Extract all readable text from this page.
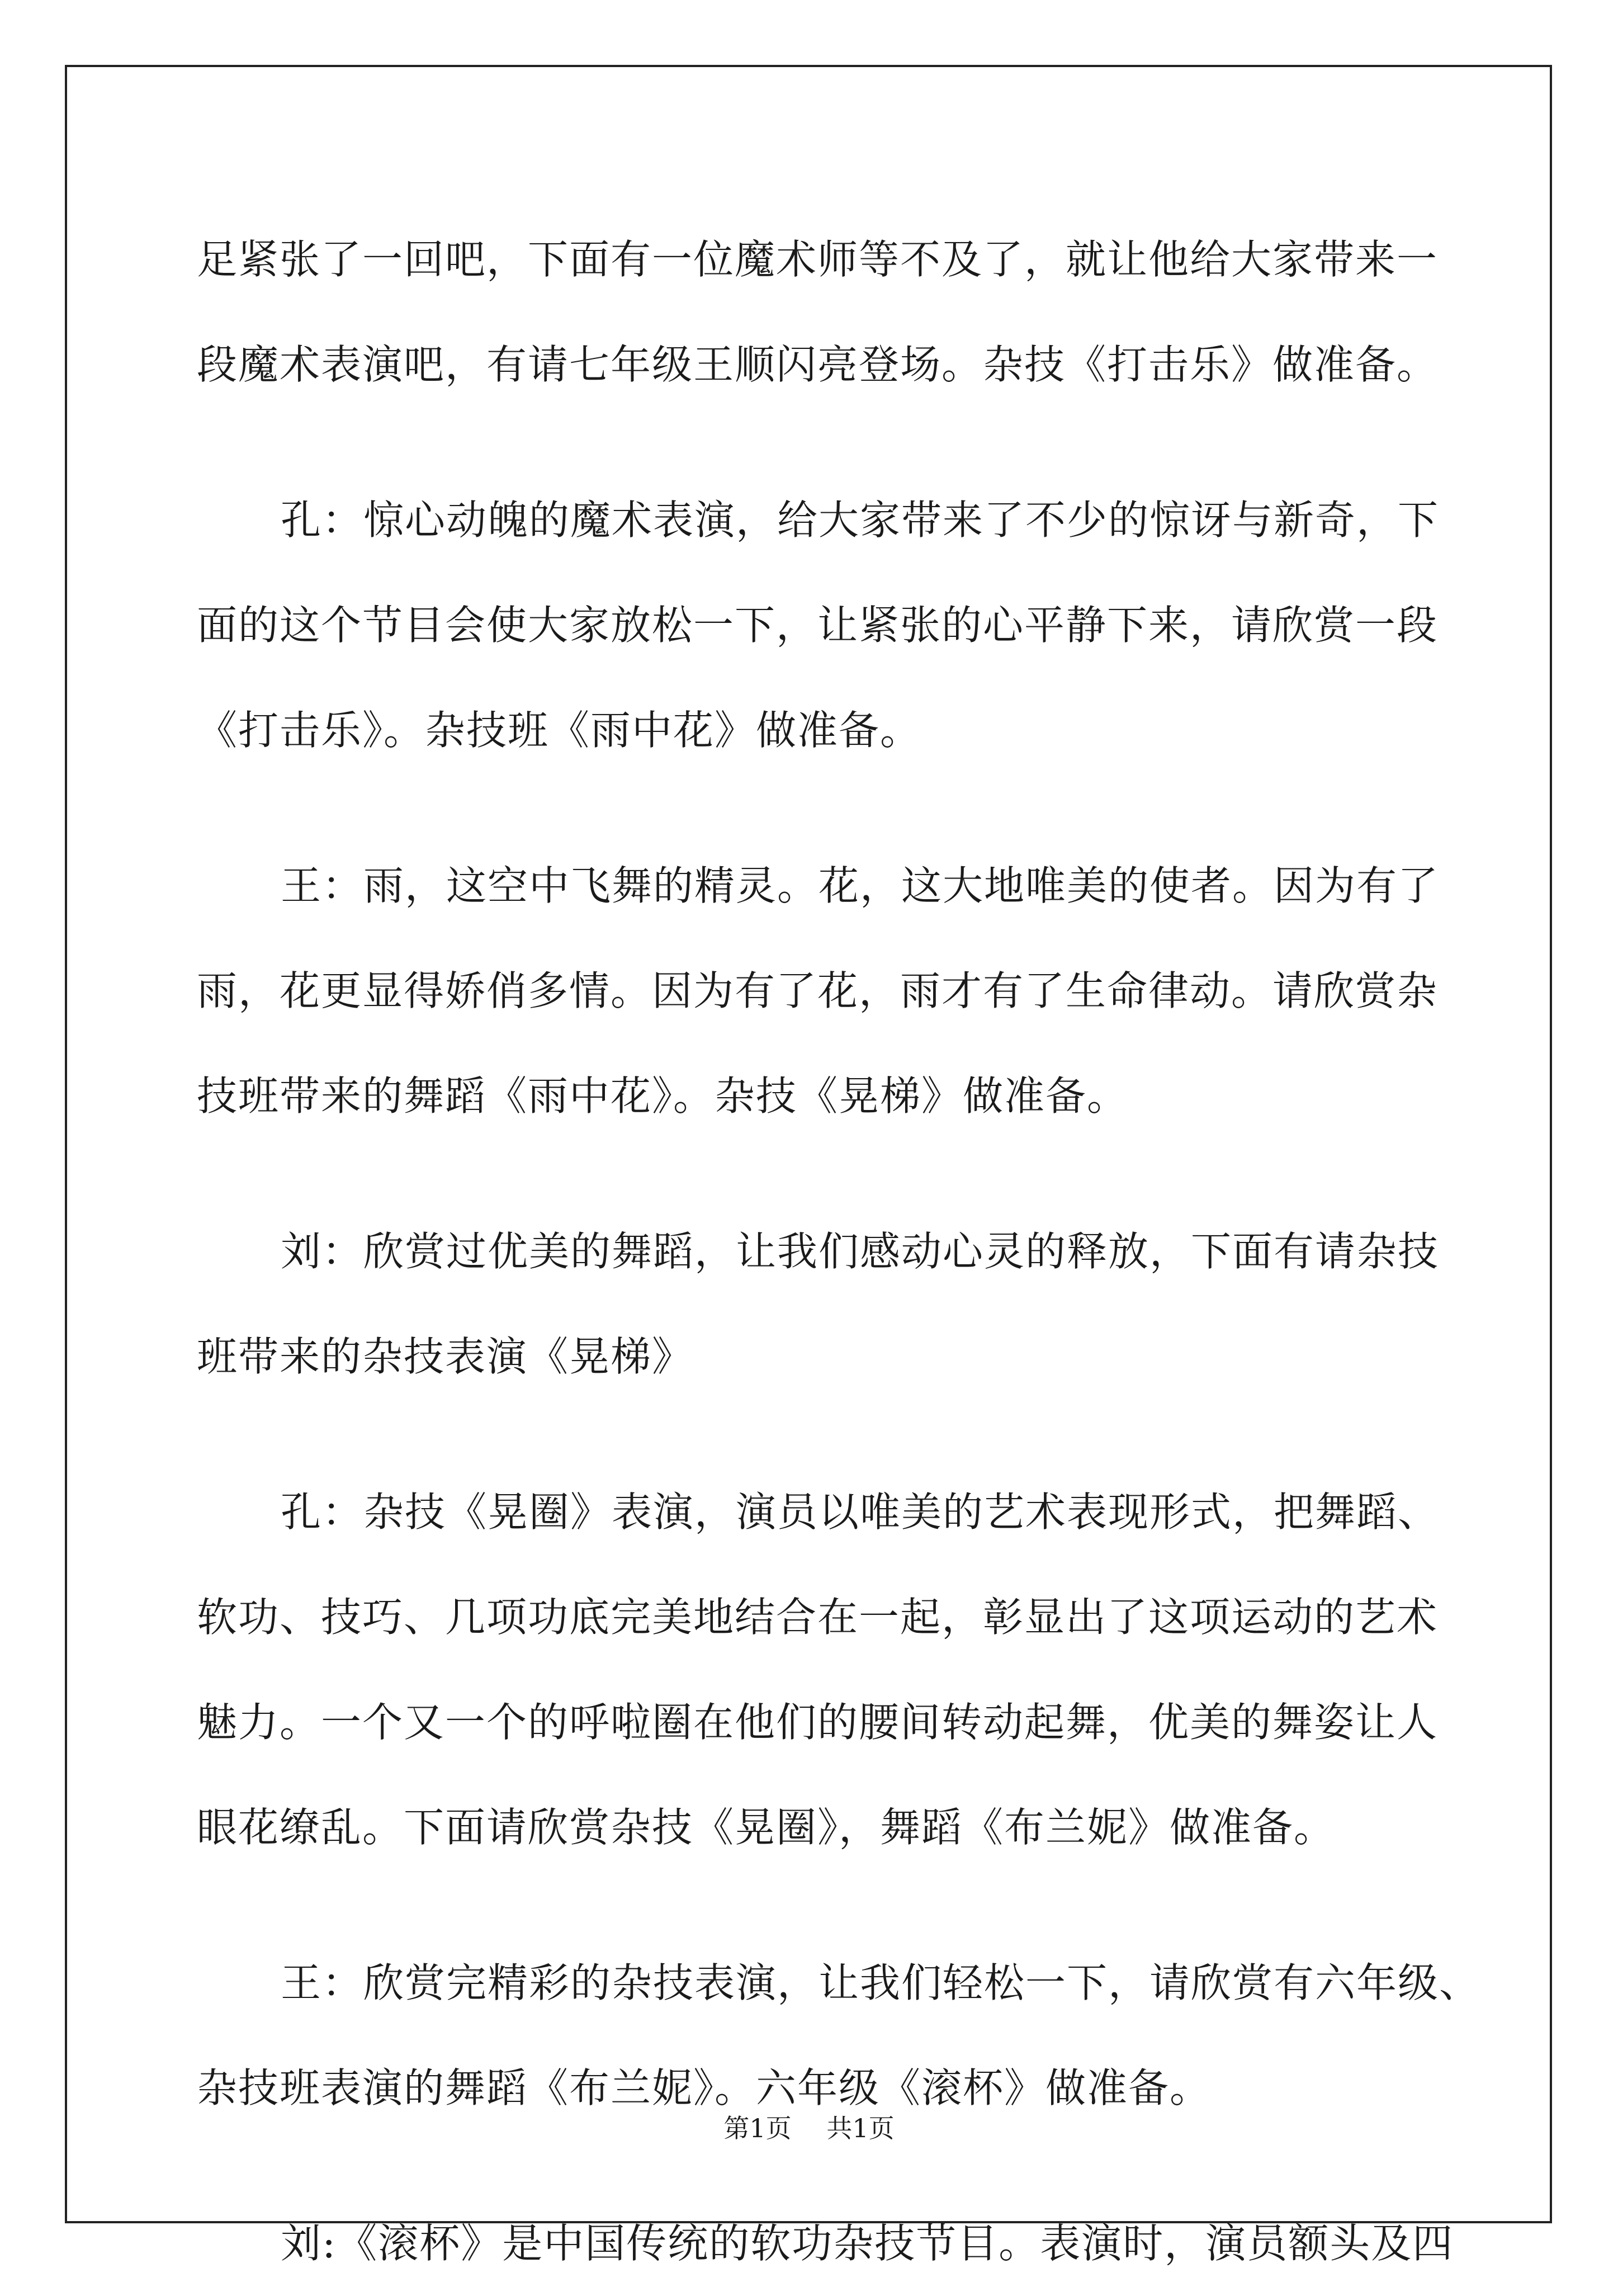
足紧张了一回吧，下面有一位魔术师等不及了，就让他给大家带来一
段魔术表演吧，有请七年级王顺闪亮登场。杂技《打击乐》做准备。
孔：惊心动魄的魔术表演，给大家带来了不少的惊讶与新奇，下
面的这个节目会使大家放松一下，让紧张的心平静下来，请欣赏一段
《打击乐》。杂技班《雨中花》做准备。
王：雨，这空中飞舞的精灵。花，这大地唯美的使者。因为有了
雨，花更显得娇俏多情。因为有了花，雨才有了生命律动。请欣赏杂
技班带来的舞蹈《雨中花》。杂技《晃梯》做准备。
刘：欣赏过优美的舞蹈，让我们感动心灵的释放，下面有请杂技
班带来的杂技表演《晃梯》
孔：杂技《晃圈》表演，演员以唯美的艺术表现形式，把舞蹈、
软功、技巧、几项功底完美地结合在一起，彰显出了这项运动的艺术
魅力。一个又一个的呼啦圈在他们的腰间转动起舞，优美的舞姿让人
眼花缭乱。下面请欣赏杂技《晃圈》，舞蹈《布兰妮》做准备。
王：欣赏完精彩的杂技表演，让我们轻松一下，请欣赏有六年级、
杂技班表演的舞蹈《布兰妮》。六年级《滚杯》做准备。
刘:《滚杯》是中国传统的软功杂技节目。表演时，演员额头及四
第1页 共1页
